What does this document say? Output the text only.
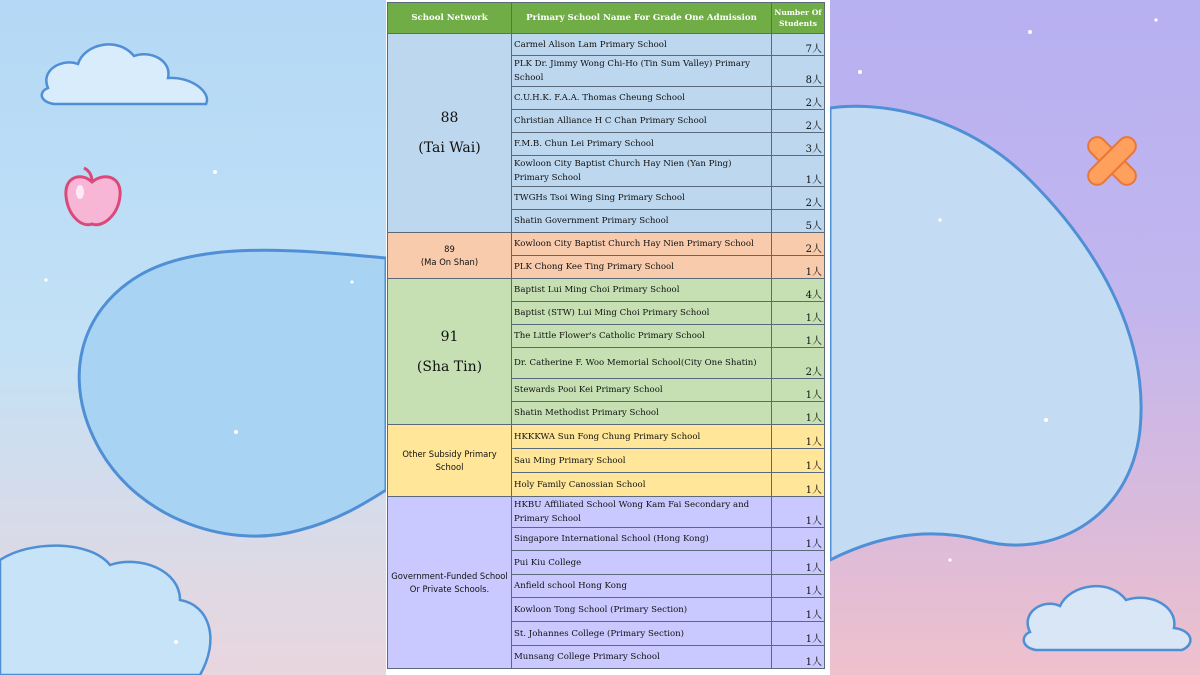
School Network	Primary School Name For Grade One Admission	Number Of Students

88
(Tai Wai)	Carmel Alison Lam Primary School	7人
	PLK Dr. Jimmy Wong Chi-Ho (Tin Sum Valley) Primary School	8人
	C.U.H.K. F.A.A. Thomas Cheung School	2人
	Christian Alliance H C Chan Primary School	2人
	F.M.B. Chun Lei Primary School	3人
	Kowloon City Baptist Church Hay Nien (Yan Ping) Primary School	1人
	TWGHs Tsoi Wing Sing Primary School	2人
	Shatin Government Primary School	5人

89
(Ma On Shan)	Kowloon City Baptist Church Hay Nien Primary School	2人
	PLK Chong Kee Ting Primary School	1人

91
(Sha Tin)	Baptist Lui Ming Choi Primary School	4人
	Baptist (STW) Lui Ming Choi Primary School	1人
	The Little Flower's Catholic Primary School	1人
	Dr. Catherine F. Woo Memorial School(City One Shatin)	2人
	Stewards Pooi Kei Primary School	1人
	Shatin Methodist Primary School	1人

Other Subsidy Primary School	HKKKWA Sun Fong Chung Primary School	1人
	Sau Ming Primary School	1人
	Holy Family Canossian School	1人

Government-Funded School
Or Private Schools.	HKBU Affiliated School Wong Kam Fai Secondary and Primary School	1人
	Singapore International School (Hong Kong)	1人
	Pui Kiu College	1人
	Anfield school Hong Kong	1人
	Kowloon Tong School (Primary Section)	1人
	St. Johannes College (Primary Section)	1人
	Munsang College Primary School	1人
